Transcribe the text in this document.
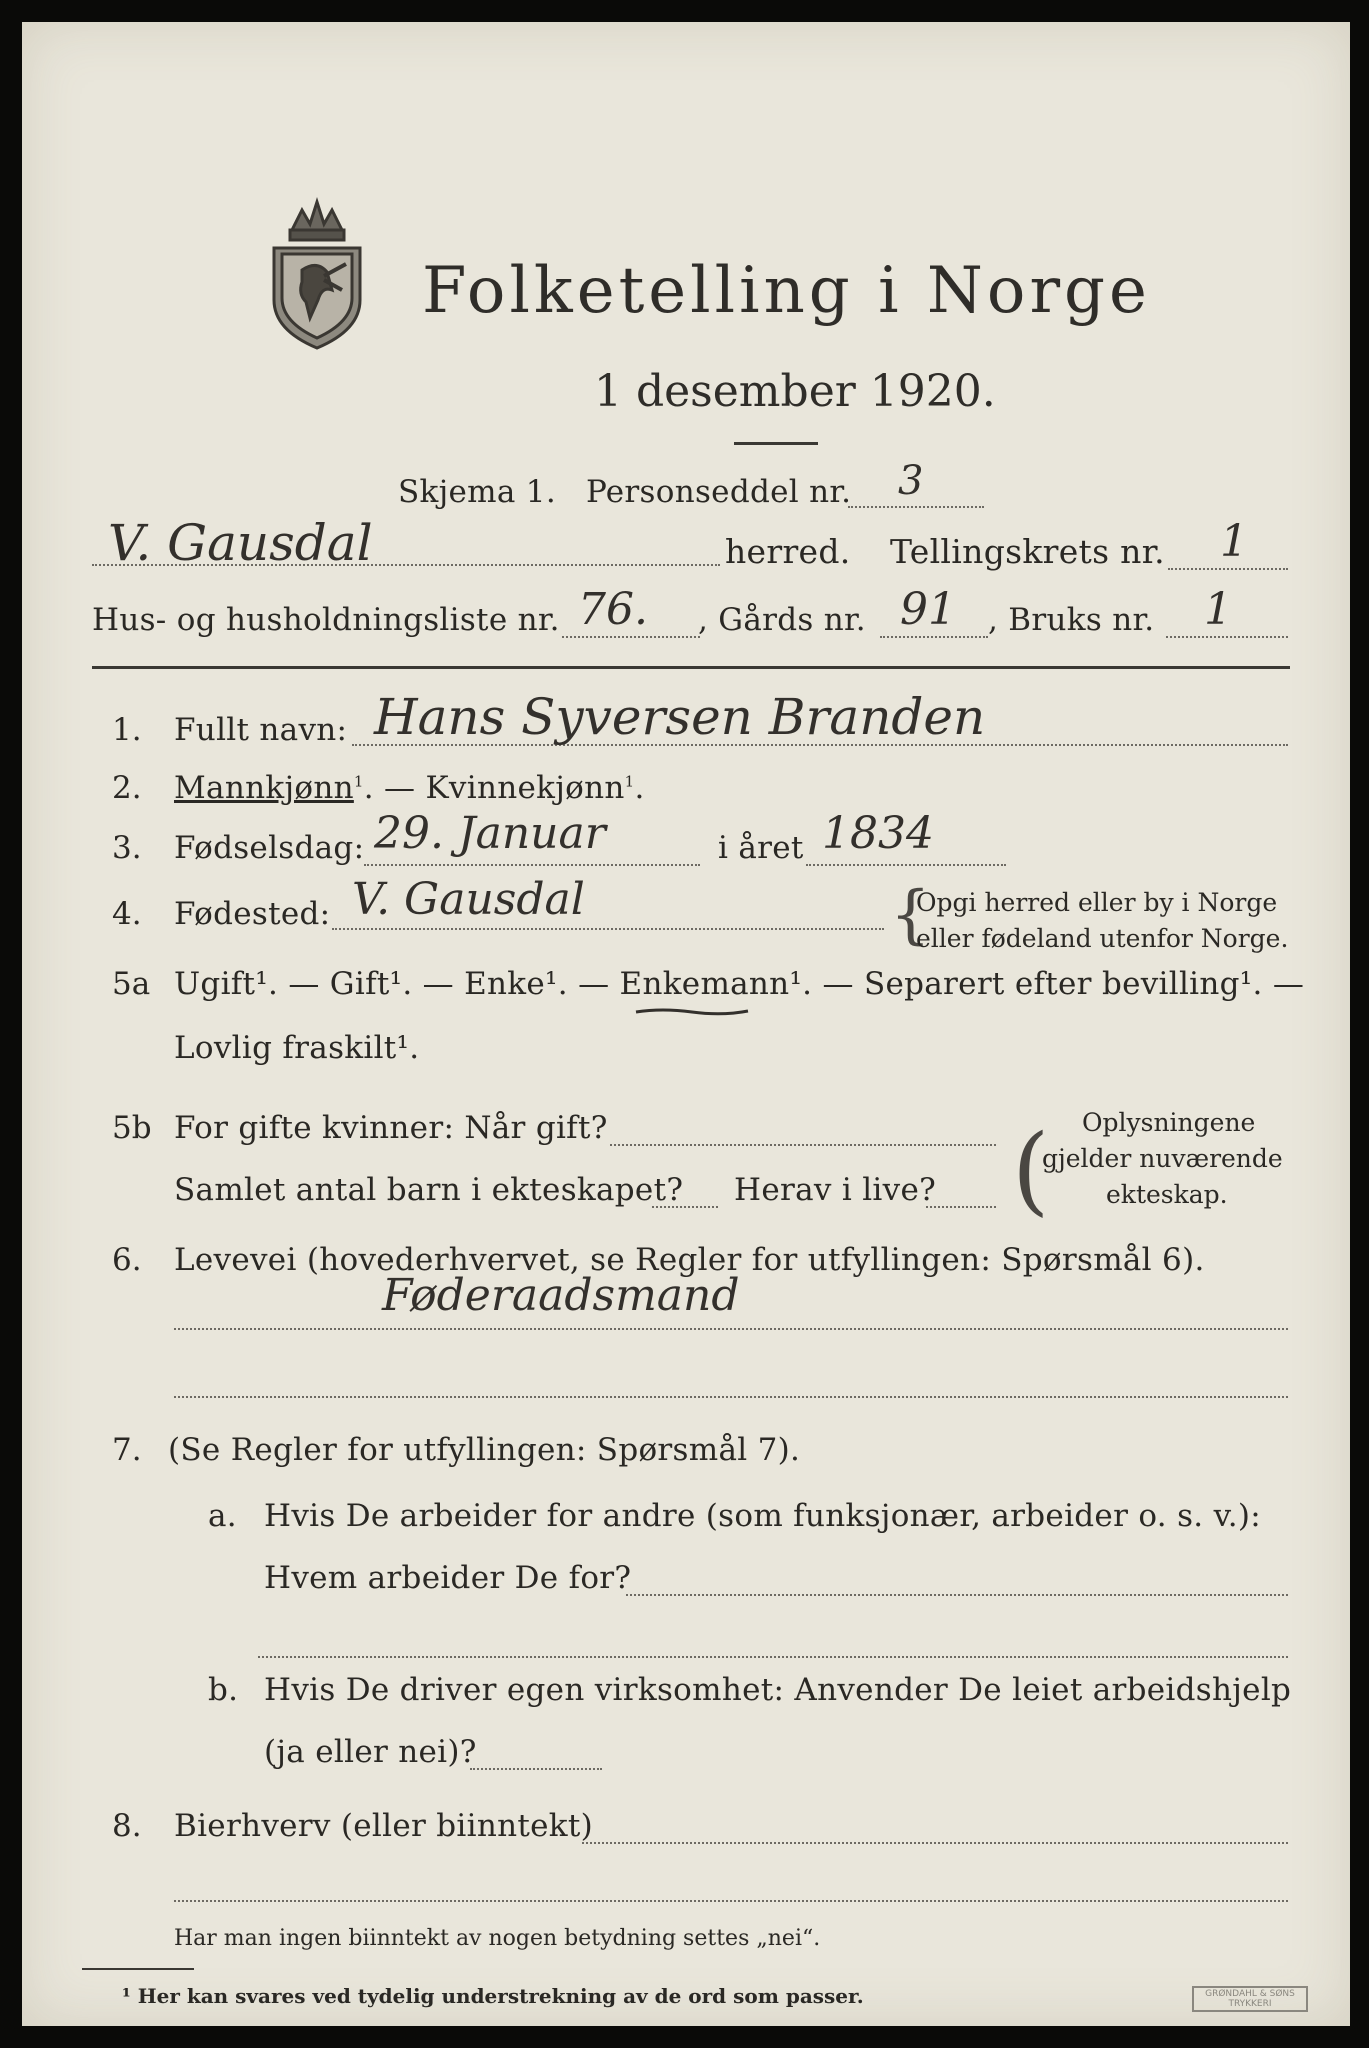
Folketelling i Norge
1 desember 1920.
Skjema 1. Personseddel nr. 3
V. Gausdal	herred. Tellingskrets nr. 1
Hus- og husholdningsliste nr. 76. , Gårds nr. 91 , Bruks nr. 1
1. Fullt navn: Hans Syversen Branden
2. Mannkjønn$^1$. — Kvinnekjønn$^1$.
3. Fødselsdag: 29. Januar	i året 1834
4. Fødested: V. Gausdal	{
Opgi herred eller by i Norge
eller fødeland utenfor Norge.
5a Ugift¹. — Gift¹. — Enke¹. — Enkemann¹. — Separert efter bevilling¹. —
Lovlig fraskilt¹.
5b For gifte kvinner: Når gift?
Samlet antal barn i ekteskapet? Herav i live? ( Oplysningene
gjelder nuværende
ekteskap.
6. Levevei (hovederhvervet, se Regler for utfyllingen: Spørsmål 6).
Føderaadsmand
7. (Se Regler for utfyllingen: Spørsmål 7).
a. Hvis De arbeider for andre (som funksjonær, arbeider o. s. v.):
Hvem arbeider De for?
b. Hvis De driver egen virksomhet: Anvender De leiet arbeidshjelp
(ja eller nei)?
8. Bierhverv (eller biinntekt)
Har man ingen biinntekt av nogen betydning settes „nei“.
¹ Her kan svares ved tydelig understrekning av de ord som passer.	GRØNDAHL & SØNS TRYKKERI
